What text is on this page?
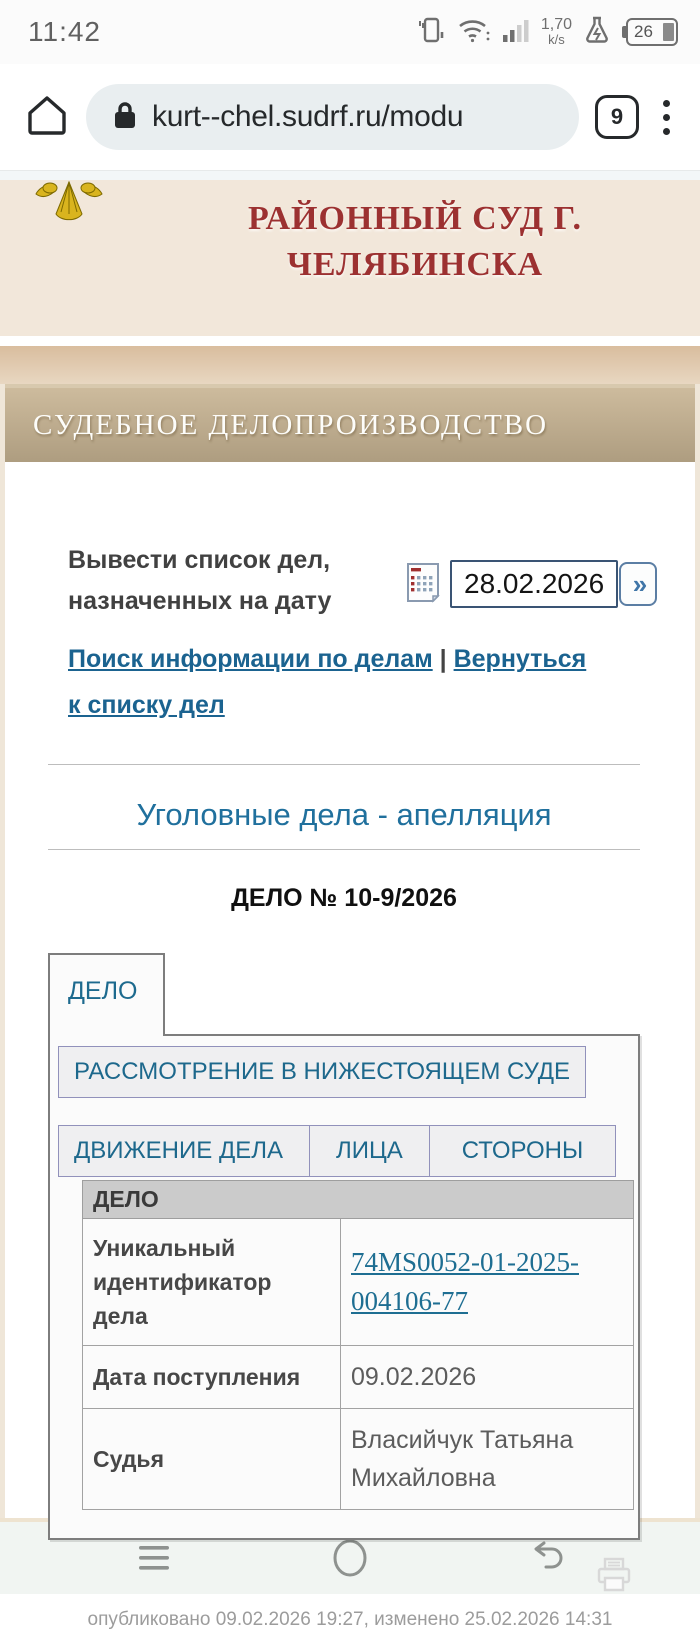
11:42	1,70
k/s	26
kurt--chel.sudrf.ru/modu	9
РАЙОННЫЙ СУД Г.
ЧЕЛЯБИНСКА
СУДЕБНОЕ ДЕЛОПРОИЗВОДСТВО
Вывести список дел,
назначенных на дату
28.02.2026
»
Поиск информации по делам | Вернуться к списку дел
Уголовные дела - апелляция
ДЕЛО № 10-9/2026
ДЕЛО
РАССМОТРЕНИЕ В НИЖЕСТОЯЩЕМ СУДЕ
ДВИЖЕНИЕ ДЕЛА	ЛИЦА	СТОРОНЫ
ДЕЛО	
Уникальный идентификатор дела	74MS0052-01-2025-004106-77
Дата поступления	09.02.2026
Судья	Власийчук Татьяна Михайловна
опубликовано 09.02.2026 19:27, изменено 25.02.2026 14:31
